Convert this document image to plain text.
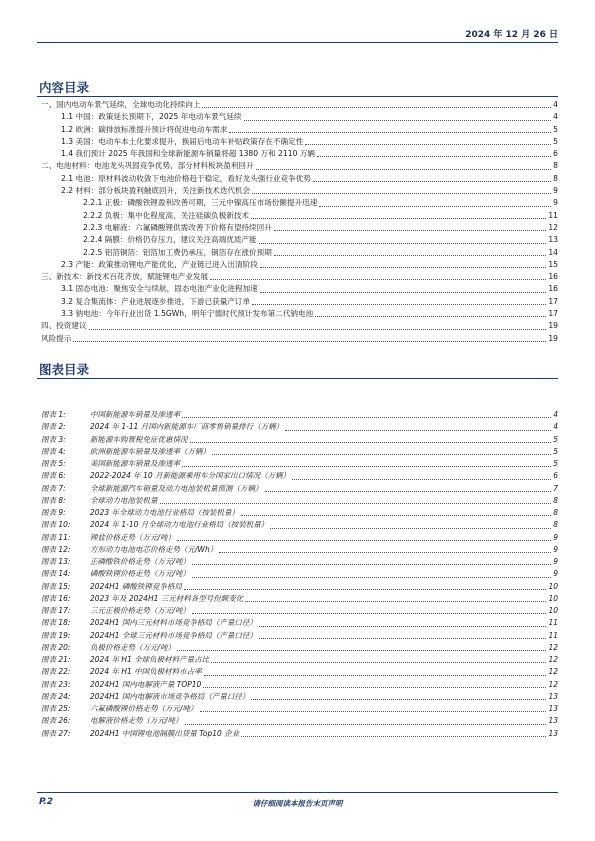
2024 年 12 月 26 日
内容目录
一、国内电动车景气延续，全球电动化持续向上	4
1.1 中国：政策延长预期下，2025 年电动车景气延续	4
1.2 欧洲：碳排放标准提升预计将促进电动车需求	5
1.3 美国：电动车本土化要求提升，换届后电动车补贴政策存在不确定性	5
1.4 我们预计 2025 年我国和全球新能源车销量将超 1380 万和 2110 万辆	6
二、电池材料：电池龙头巩固竞争优势，部分材料板块盈利回升	8
2.1 电池：原材料波动收敛下电池价格趋于稳定，看好龙头强行业竞争优势	8
2.2 材料：部分板块盈利触底回升，关注新技术迭代机会	9
2.2.1 正极：磷酸铁锂盈利改善可期，三元中镍高压市场份额提升迅速	9
2.2.2 负极：集中化程度高，关注硅碳负极新技术	11
2.2.3 电解液：六氟磷酸锂供需改善下价格有望持续回升	12
2.2.4 隔膜：价格仍存压力，建议关注高端优质产能	13
2.2.5 铝箔铜箔：铝箔加工费仍承压，铜箔存在涨价预期	14
2.3 产能：政策推动锂电产能优化，产业链已进入出清阶段	15
三、新技术：新技术百花齐放，赋能锂电产业发展	16
3.1 固态电池：聚焦安全与续航，固态电池产业化进程加速	16
3.2 复合集流体：产业进展逐步推进，下游已获量产订单	17
3.3 钠电池：今年行业出货 1.5GWh，明年宁德时代预计发布第二代钠电池	17
四、投资建议	19
风险提示	19
图表目录
图表 1:	中国新能源车销量及渗透率	4
图表 2:	2024 年 1-11 月国内新能源车厂商零售销量排行（万辆）	4
图表 3:	新能源车购置税免征优惠情况	5
图表 4:	欧洲新能源车销量及渗透率（万辆）	5
图表 5:	美国新能源车销量及渗透率	5
图表 6:	2022-2024 年 10 月新能源乘用车分国家出口情况（万辆）	6
图表 7:	全球新能源汽车销量及动力电池装机量预测（万辆）	7
图表 8:	全球动力电池装机量	8
图表 9:	2023 年全球动力电池行业格局（按装机量）	8
图表 10:	2024 年 1-10 月全球动力电池行业格局（按装机量）	8
图表 11:	锂盐价格走势（万元/吨）	9
图表 12:	方形动力电池电芯价格走势（元/Wh）	9
图表 13:	正磷酸铁价格走势（万元/吨）	9
图表 14:	磷酸铁锂价格走势（万元/吨）	9
图表 15:	2024H1 磷酸铁锂竞争格局	10
图表 16:	2023 年及 2024H1 三元材料各型号份额变化	10
图表 17:	三元正极价格走势（万元/吨）	10
图表 18:	2024H1 国内三元材料市场竞争格局（产量口径）	11
图表 19:	2024H1 全球三元材料市场竞争格局（产量口径）	11
图表 20:	负极价格走势（万元/吨）	12
图表 21:	2024 年 H1 全球负极材料产量占比	12
图表 22:	2024 年 H1 中国负极材料市占率	12
图表 23:	2024H1 国内电解液产量 TOP10	12
图表 24:	2024H1 国内电解液市场竞争格局（产量口径）	13
图表 25:	六氟磷酸锂价格走势（万元/吨）	13
图表 26:	电解液价格走势（万元/吨）	13
图表 27:	2024H1 中国锂电池隔膜出货量 Top10 企业	13
P.2	请仔细阅读本报告末页声明
